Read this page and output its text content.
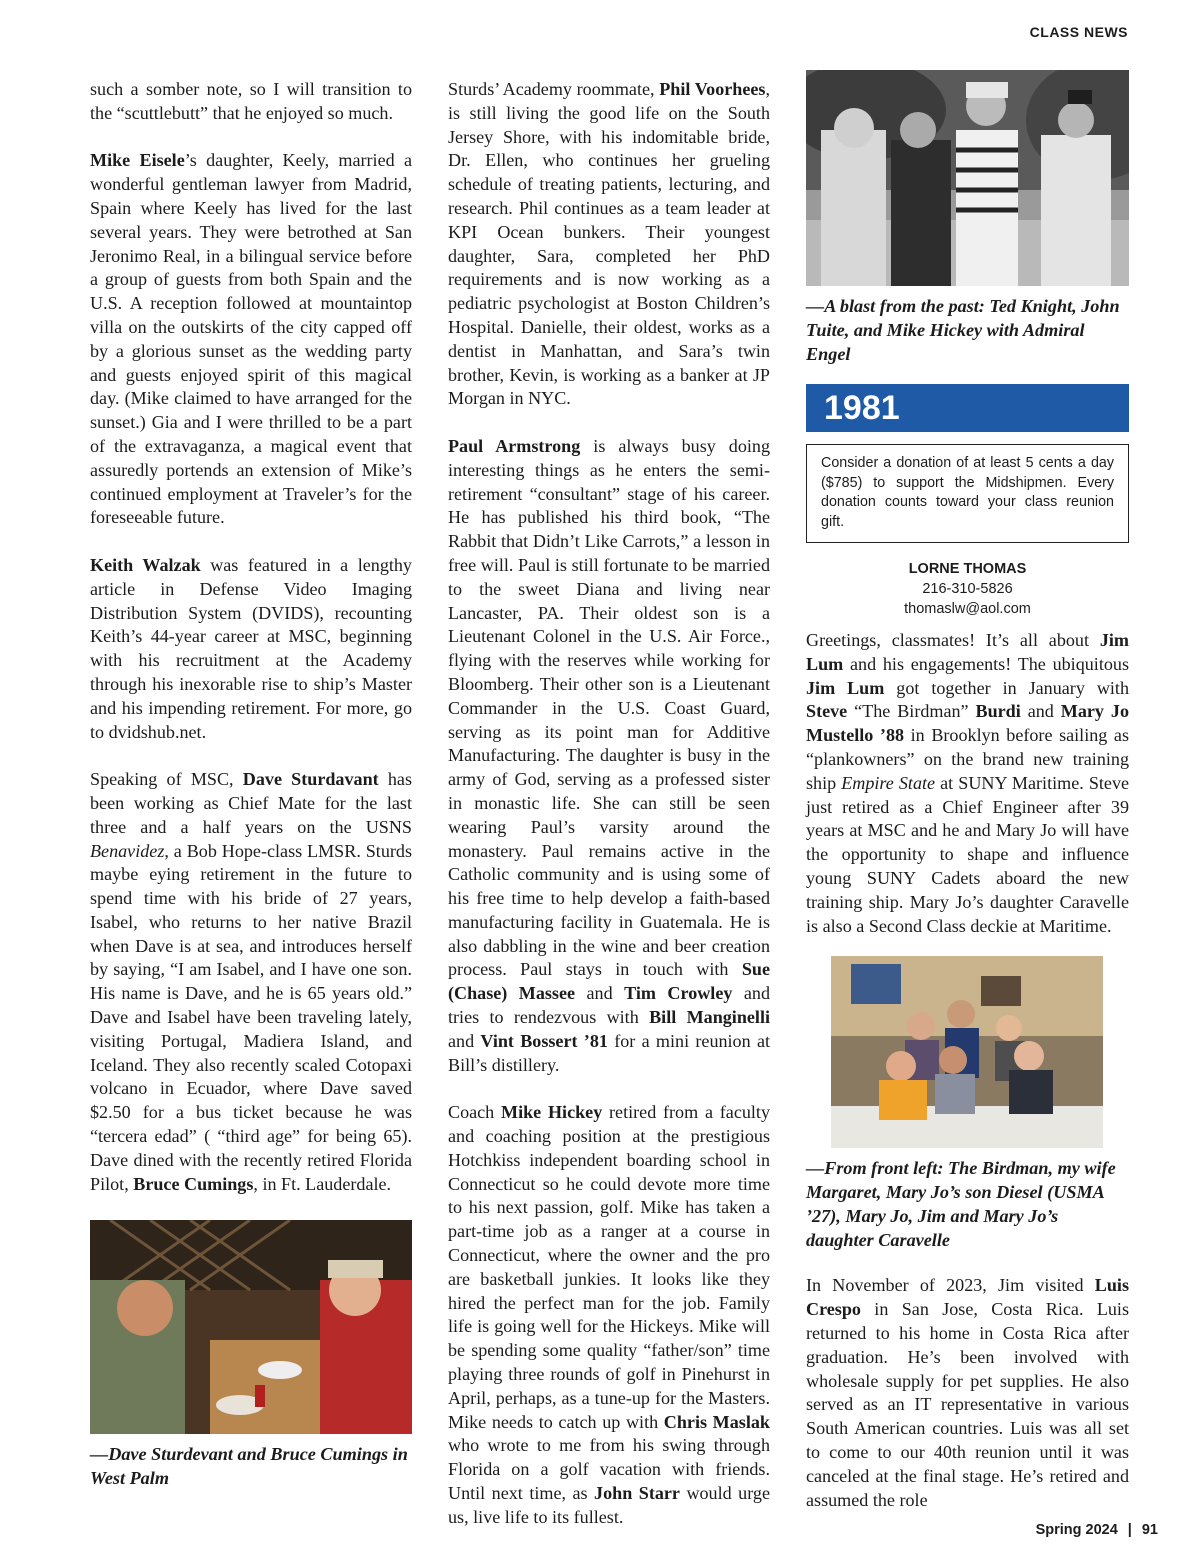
CLASS NEWS

such a somber note, so I will transition to the “scuttlebutt” that he enjoyed so much.

Mike Eisele’s daughter, Keely, married a wonderful gentleman lawyer from Madrid, Spain where Keely has lived for the last several years. They were betrothed at San Jeronimo Real, in a bilingual service before a group of guests from both Spain and the U.S. A reception followed at mountaintop villa on the outskirts of the city capped off by a glorious sunset as the wedding party and guests enjoyed spirit of this magical day. (Mike claimed to have arranged for the sunset.) Gia and I were thrilled to be a part of the extravaganza, a magical event that assuredly portends an extension of Mike’s continued employment at Traveler’s for the foreseeable future.

Keith Walzak was featured in a lengthy article in Defense Video Imaging Distribution System (DVIDS), recounting Keith’s 44-year career at MSC, beginning with his recruitment at the Academy through his inexorable rise to ship’s Master and his impending retirement. For more, go to dvidshub.net.

Speaking of MSC, Dave Sturdavant has been working as Chief Mate for the last three and a half years on the USNS Benavidez, a Bob Hope-class LMSR. Sturds maybe eying retirement in the future to spend time with his bride of 27 years, Isabel, who returns to her native Brazil when Dave is at sea, and introduces herself by saying, “I am Isabel, and I have one son. His name is Dave, and he is 65 years old.” Dave and Isabel have been traveling lately, visiting Portugal, Madiera Island, and Iceland. They also recently scaled Cotopaxi volcano in Ecuador, where Dave saved $2.50 for a bus ticket because he was “tercera edad” ( “third age” for being 65). Dave dined with the recently retired Florida Pilot, Bruce Cumings, in Ft. Lauderdale.

—Dave Sturdevant and Bruce Cumings in West Palm

Sturds’ Academy roommate, Phil Voorhees, is still living the good life on the South Jersey Shore, with his indomitable bride, Dr. Ellen, who continues her grueling schedule of treating patients, lecturing, and research. Phil continues as a team leader at KPI Ocean bunkers. Their youngest daughter, Sara, completed her PhD requirements and is now working as a pediatric psychologist at Boston Children’s Hospital. Danielle, their oldest, works as a dentist in Manhattan, and Sara’s twin brother, Kevin, is working as a banker at JP Morgan in NYC.

Paul Armstrong is always busy doing interesting things as he enters the semi-retirement “consultant” stage of his career. He has published his third book, “The Rabbit that Didn’t Like Carrots,” a lesson in free will. Paul is still fortunate to be married to the sweet Diana and living near Lancaster, PA. Their oldest son is a Lieutenant Colonel in the U.S. Air Force., flying with the reserves while working for Bloomberg. Their other son is a Lieutenant Commander in the U.S. Coast Guard, serving as its point man for Additive Manufacturing. The daughter is busy in the army of God, serving as a professed sister in monastic life. She can still be seen wearing Paul’s varsity around the monastery. Paul remains active in the Catholic community and is using some of his free time to help develop a faith-based manufacturing facility in Guatemala. He is also dabbling in the wine and beer creation process. Paul stays in touch with Sue (Chase) Massee and Tim Crowley and tries to rendezvous with Bill Manginelli and Vint Bossert ’81 for a mini reunion at Bill’s distillery.

Coach Mike Hickey retired from a faculty and coaching position at the prestigious Hotchkiss independent boarding school in Connecticut so he could devote more time to his next passion, golf. Mike has taken a part-time job as a ranger at a course in Connecticut, where the owner and the pro are basketball junkies. It looks like they hired the perfect man for the job. Family life is going well for the Hickeys. Mike will be spending some quality “father/son” time playing three rounds of golf in Pinehurst in April, perhaps, as a tune-up for the Masters. Mike needs to catch up with Chris Maslak who wrote to me from his swing through Florida on a golf vacation with friends. Until next time, as John Starr would urge us, live life to its fullest.

—A blast from the past: Ted Knight, John Tuite, and Mike Hickey with Admiral Engel
1981
Consider a donation of at least 5 cents a day ($785) to support the Midshipmen. Every donation counts toward your class reunion gift.
LORNE THOMAS
216-310-5826
thomaslw@aol.com

Greetings, classmates! It’s all about Jim Lum and his engagements! The ubiquitous Jim Lum got together in January with Steve “The Birdman” Burdi and Mary Jo Mustello ’88 in Brooklyn before sailing as “plankowners” on the brand new training ship Empire State at SUNY Maritime. Steve just retired as a Chief Engineer after 39 years at MSC and he and Mary Jo will have the opportunity to shape and influence young SUNY Cadets aboard the new training ship. Mary Jo’s daughter Caravelle is also a Second Class deckie at Maritime.

—From front left: The Birdman, my wife Margaret, Mary Jo’s son Diesel (USMA ’27), Mary Jo, Jim and Mary Jo’s daughter Caravelle

In November of 2023, Jim visited Luis Crespo in San Jose, Costa Rica. Luis returned to his home in Costa Rica after graduation. He’s been involved with wholesale supply for pet supplies. He also served as an IT representative in various South American countries. Luis was all set to come to our 40th reunion until it was canceled at the final stage. He’s retired and assumed the role

Spring 2024 | 91
